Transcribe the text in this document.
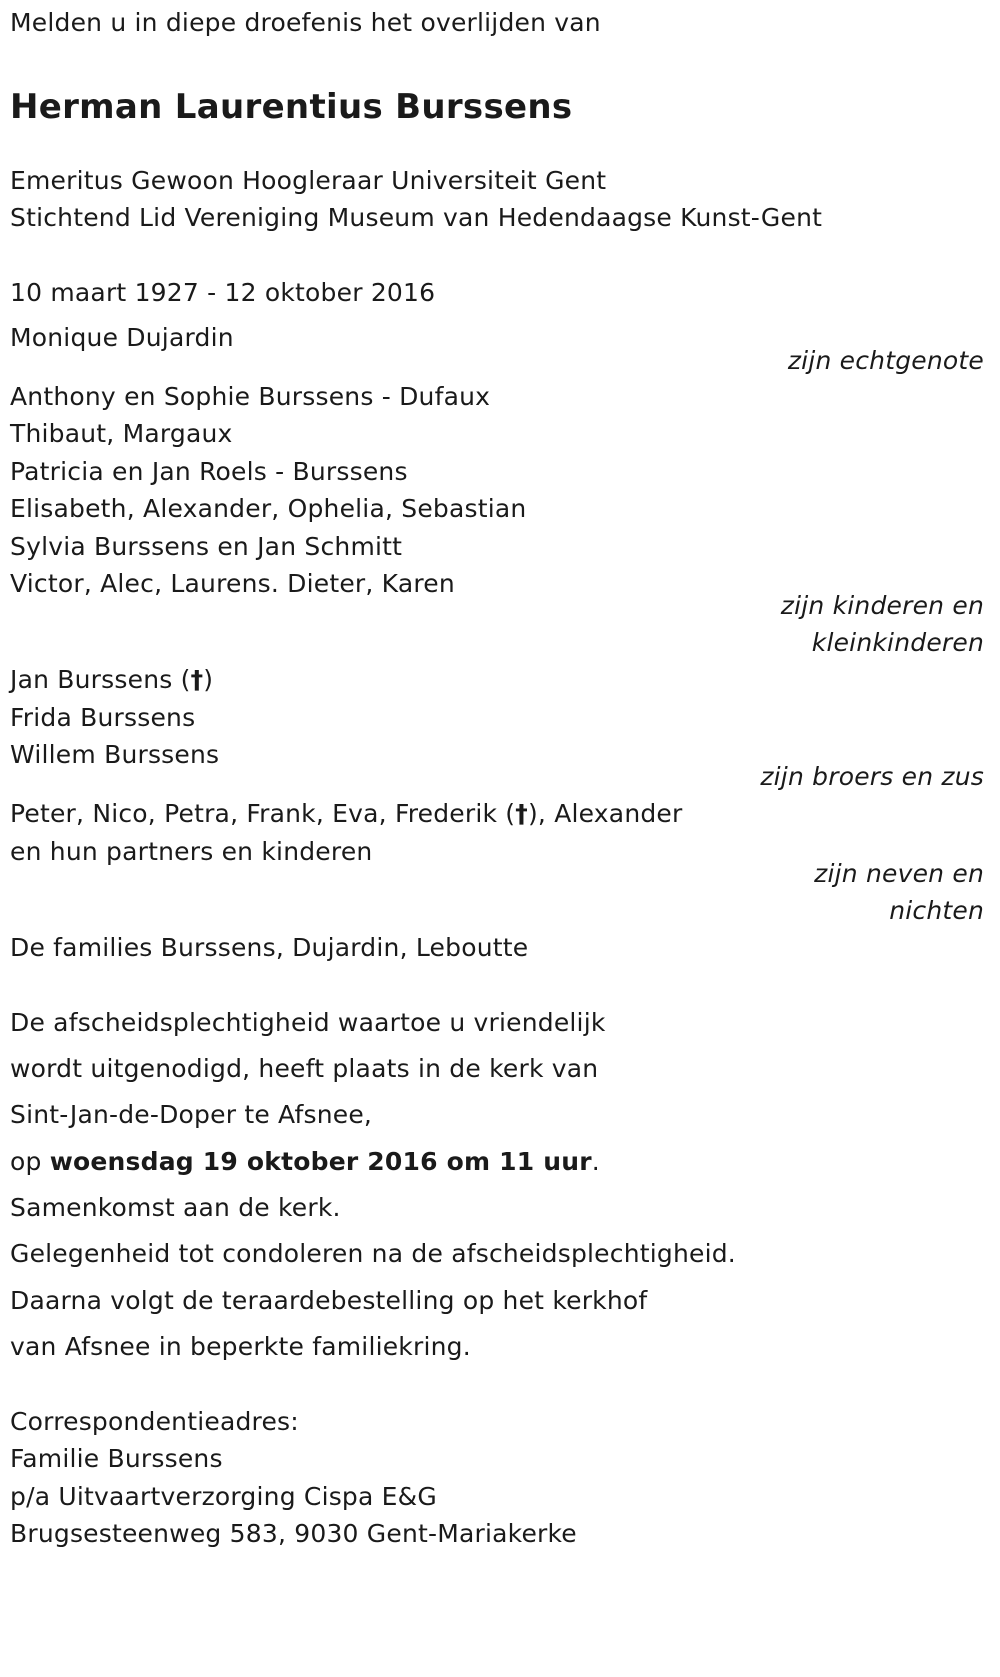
Melden u in diepe droefenis het overlijden van

Herman Laurentius Burssens

Emeritus Gewoon Hoogleraar Universiteit Gent

Stichtend Lid Vereniging Museum van Hedendaagse Kunst-Gent

10 maart 1927 - 12 oktober 2016

Monique Dujardin

zijn echtgenote

Anthony en Sophie Burssens - Dufaux

Thibaut, Margaux

Patricia en Jan Roels - Burssens

Elisabeth, Alexander, Ophelia, Sebastian

Sylvia Burssens en Jan Schmitt

Victor, Alec, Laurens. Dieter, Karen

zijn kinderen en

kleinkinderen

Jan Burssens (†)

Frida Burssens

Willem Burssens

zijn broers en zus

Peter, Nico, Petra, Frank, Eva, Frederik (†), Alexander

en hun partners en kinderen

zijn neven en

nichten

De families Burssens, Dujardin, Leboutte

De afscheidsplechtigheid waartoe u vriendelijk

wordt uitgenodigd, heeft plaats in de kerk van

Sint-Jan-de-Doper te Afsnee,

op woensdag 19 oktober 2016 om 11 uur.

Samenkomst aan de kerk.

Gelegenheid tot condoleren na de afscheidsplechtigheid.

Daarna volgt de teraardebestelling op het kerkhof

van Afsnee in beperkte familiekring.

Correspondentieadres:

Familie Burssens

p/a Uitvaartverzorging Cispa E&G

Brugsesteenweg 583, 9030 Gent-Mariakerke
